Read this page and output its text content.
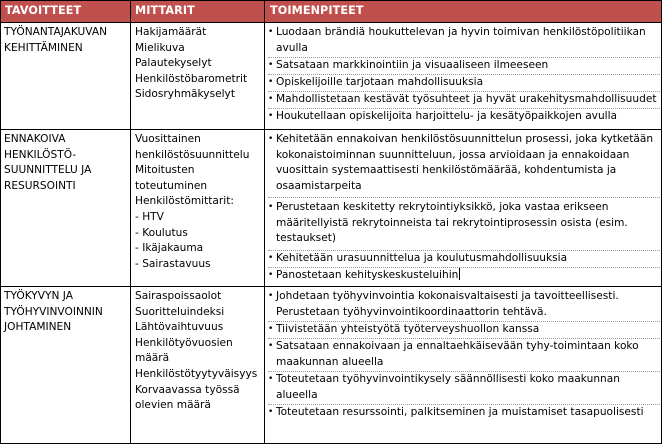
TAVOITTEET	MITTARIT	TOIMENPITEET
TYÖNANTAJAKUVAN
KEHITTÄMINEN
Hakijamäärät
Mielikuva
Palautekyselyt
Henkilöstöbarometrit
Sidosryhmäkyselyt
• Luodaan brändiä houkuttelevan ja hyvin toimivan henkilöstöpolitiikan
avulla
• Satsataan markkinointiin ja visuaaliseen ilmeeseen
• Opiskelijoille tarjotaan mahdollisuuksia
• Mahdollistetaan kestävät työsuhteet ja hyvät urakehitysmahdollisuudet
• Houkutellaan opiskelijoita harjoittelu- ja kesätyöpaikkojen avulla
ENNAKOIVA
HENKILÖSTÖ-
SUUNNITTELU JA
RESURSOINTI
Vuosittainen
henkilöstösuunnittelu
Mitoitusten
toteutuminen
Henkilöstömittarit:
- HTV
- Koulutus
- Ikäjakauma
- Sairastavuus
• Kehitetään ennakoivan henkilöstösuunnittelun prosessi, joka kytketään
kokonaistoiminnan suunnitteluun, jossa arvioidaan ja ennakoidaan
vuosittain systemaattisesti henkilöstömäärää, kohdentumista ja
osaamistarpeita
• Perustetaan keskitetty rekrytointiyksikkö, joka vastaa erikseen
määritellyistä rekrytoinneista tai rekrytointiprosessin osista (esim.
testaukset)
• Kehitetään urasuunnittelua ja koulutusmahdollisuuksia
• Panostetaan kehityskeskusteluihin
TYÖKYVYN JA
TYÖHYVINVOINNIN
JOHTAMINEN
Sairaspoissaolot
Suoritteluindeksi
Lähtövaihtuvuus
Henkilötyövuosien
määrä
Henkilöstötyytyväisyys
Korvaavassa työssä
olevien määrä
• Johdetaan työhyvinvointia kokonaisvaltaisesti ja tavoitteellisesti.
Perustetaan työhyvinvointikoordinaattorin tehtävä.
• Tiivistetään yhteistyötä työterveyshuollon kanssa
• Satsataan ennakoivaan ja ennaltaehkäisevään tyhy-toimintaan koko
maakunnan alueella
• Toteutetaan työhyvinvointikysely säännöllisesti koko maakunnan
alueella
• Toteutetaan resurssointi, palkitseminen ja muistamiset tasapuolisesti
